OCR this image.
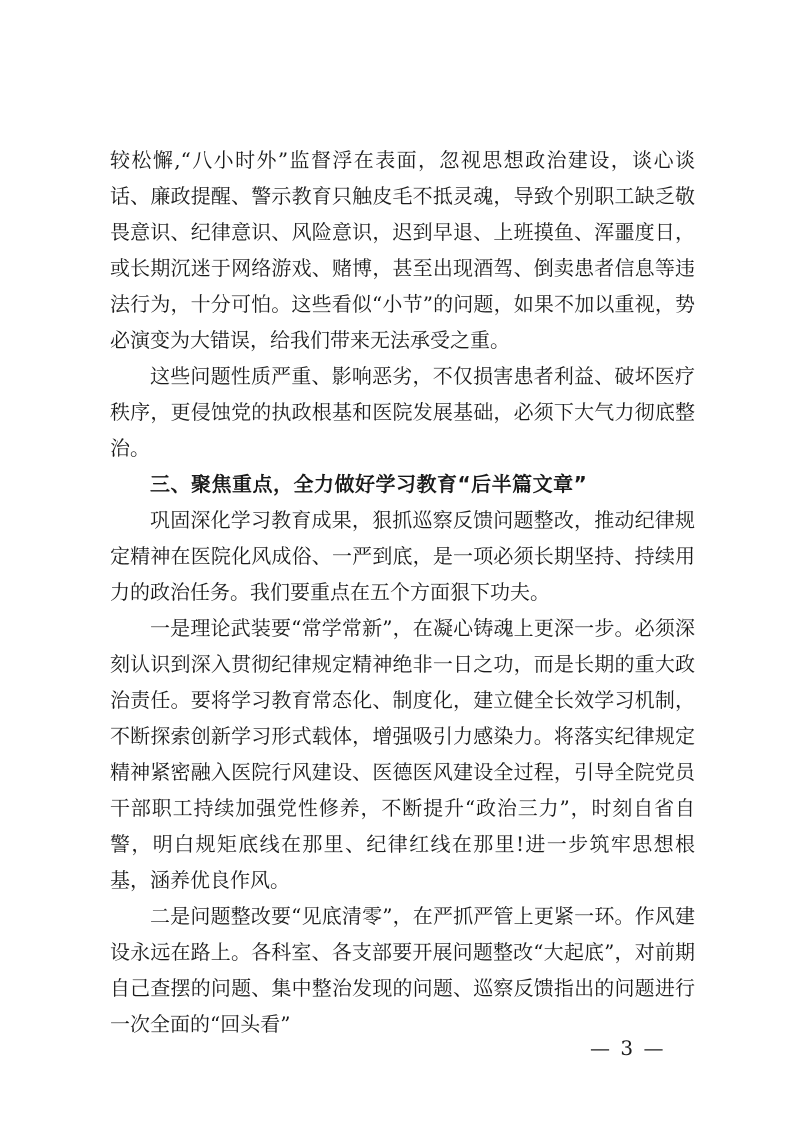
较松懈,“八小时外”监督浮在表面，忽视思想政治建设，谈心谈话、廉政提醒、警示教育只触皮毛不抵灵魂，导致个别职工缺乏敬畏意识、纪律意识、风险意识，迟到早退、上班摸鱼、浑噩度日，或长期沉迷于网络游戏、赌博，甚至出现酒驾、倒卖患者信息等违法行为，十分可怕。这些看似“小节”的问题，如果不加以重视，势必演变为大错误，给我们带来无法承受之重。

这些问题性质严重、影响恶劣，不仅损害患者利益、破坏医疗秩序，更侵蚀党的执政根基和医院发展基础，必须下大气力彻底整治。

三、聚焦重点，全力做好学习教育“后半篇文章”

巩固深化学习教育成果，狠抓巡察反馈问题整改，推动纪律规定精神在医院化风成俗、一严到底，是一项必须长期坚持、持续用力的政治任务。我们要重点在五个方面狠下功夫。

一是理论武装要“常学常新”，在凝心铸魂上更深一步。必须深刻认识到深入贯彻纪律规定精神绝非一日之功，而是长期的重大政治责任。要将学习教育常态化、制度化，建立健全长效学习机制，不断探索创新学习形式载体，增强吸引力感染力。将落实纪律规定精神紧密融入医院行风建设、医德医风建设全过程，引导全院党员干部职工持续加强党性修养，不断提升“政治三力”，时刻自省自警，明白规矩底线在那里、纪律红线在那里!进一步筑牢思想根基，涵养优良作风。

二是问题整改要“见底清零”，在严抓严管上更紧一环。作风建设永远在路上。各科室、各支部要开展问题整改“大起底”，对前期自己查摆的问题、集中整治发现的问题、巡察反馈指出的问题进行一次全面的“回头看”

— 3 —
